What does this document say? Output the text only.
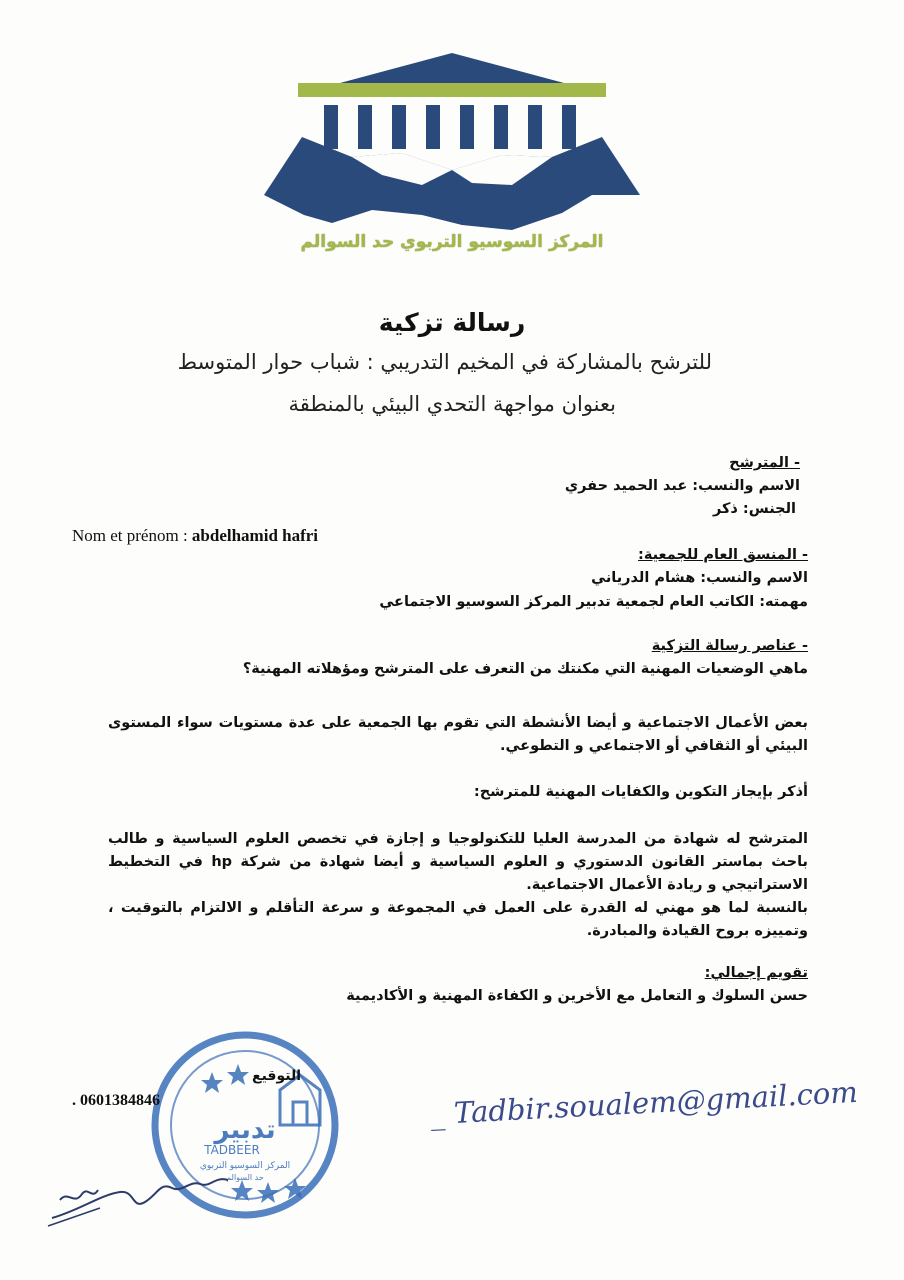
المركز السوسيو التربوي حد السوالم
رسالة تزكية
للترشح بالمشاركة في المخيم التدريبي : شباب حوار المتوسط
بعنوان مواجهة التحدي البيئي بالمنطقة
- المترشح
الاسم والنسب: عبد الحميد حفري
الجنس: ذكر
Nom et prénom : abdelhamid hafri
- المنسق العام للجمعية:
الاسم والنسب: هشام الدرياني
مهمته: الكاتب العام لجمعية تدبير المركز السوسيو الاجتماعي
- عناصر رسالة التزكية
ماهي الوضعيات المهنية التي مكنتك من التعرف على المترشح ومؤهلاته المهنية؟
بعض الأعمال الاجتماعية و أيضا الأنشطة التي تقوم بها الجمعية على عدة مستويات سواء المستوى البيئي أو الثقافي أو الاجتماعي و التطوعي.
أذكر بإيجاز التكوين والكفايات المهنية للمترشح:
المترشح له شهادة من المدرسة العليا للتكنولوجيا و إجازة في تخصص العلوم السياسية و طالب باحث بماستر القانون الدستوري و العلوم السياسية و أيضا شهادة من شركة hp في التخطيط الاستراتيجي و ريادة الأعمال الاجتماعية.
بالنسبة لما هو مهني له القدرة على العمل في المجموعة و سرعة التأقلم و الالتزام بالتوقيت ، وتمييزه بروح القيادة والمبادرة.
تقويم إجمالي:
حسن السلوك و التعامل مع الأخرين و الكفاءة المهنية و الأكاديمية
تدبير
TADBEER
المركز السوسيو التربوي
حد السوالم
التوقيع
. 0601384846	_ Tadbir.soualem@gmail.com
